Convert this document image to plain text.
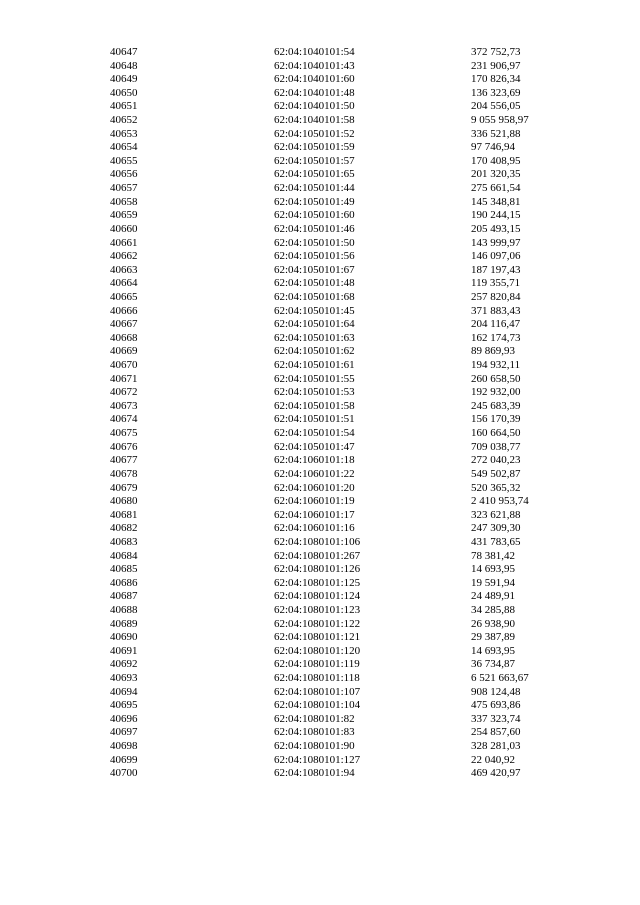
40647	62:04:1040101:54	372 752,73
40648	62:04:1040101:43	231 906,97
40649	62:04:1040101:60	170 826,34
40650	62:04:1040101:48	136 323,69
40651	62:04:1040101:50	204 556,05
40652	62:04:1040101:58	9 055 958,97
40653	62:04:1050101:52	336 521,88
40654	62:04:1050101:59	97 746,94
40655	62:04:1050101:57	170 408,95
40656	62:04:1050101:65	201 320,35
40657	62:04:1050101:44	275 661,54
40658	62:04:1050101:49	145 348,81
40659	62:04:1050101:60	190 244,15
40660	62:04:1050101:46	205 493,15
40661	62:04:1050101:50	143 999,97
40662	62:04:1050101:56	146 097,06
40663	62:04:1050101:67	187 197,43
40664	62:04:1050101:48	119 355,71
40665	62:04:1050101:68	257 820,84
40666	62:04:1050101:45	371 883,43
40667	62:04:1050101:64	204 116,47
40668	62:04:1050101:63	162 174,73
40669	62:04:1050101:62	89 869,93
40670	62:04:1050101:61	194 932,11
40671	62:04:1050101:55	260 658,50
40672	62:04:1050101:53	192 932,00
40673	62:04:1050101:58	245 683,39
40674	62:04:1050101:51	156 170,39
40675	62:04:1050101:54	160 664,50
40676	62:04:1050101:47	709 038,77
40677	62:04:1060101:18	272 040,23
40678	62:04:1060101:22	549 502,87
40679	62:04:1060101:20	520 365,32
40680	62:04:1060101:19	2 410 953,74
40681	62:04:1060101:17	323 621,88
40682	62:04:1060101:16	247 309,30
40683	62:04:1080101:106	431 783,65
40684	62:04:1080101:267	78 381,42
40685	62:04:1080101:126	14 693,95
40686	62:04:1080101:125	19 591,94
40687	62:04:1080101:124	24 489,91
40688	62:04:1080101:123	34 285,88
40689	62:04:1080101:122	26 938,90
40690	62:04:1080101:121	29 387,89
40691	62:04:1080101:120	14 693,95
40692	62:04:1080101:119	36 734,87
40693	62:04:1080101:118	6 521 663,67
40694	62:04:1080101:107	908 124,48
40695	62:04:1080101:104	475 693,86
40696	62:04:1080101:82	337 323,74
40697	62:04:1080101:83	254 857,60
40698	62:04:1080101:90	328 281,03
40699	62:04:1080101:127	22 040,92
40700	62:04:1080101:94	469 420,97
